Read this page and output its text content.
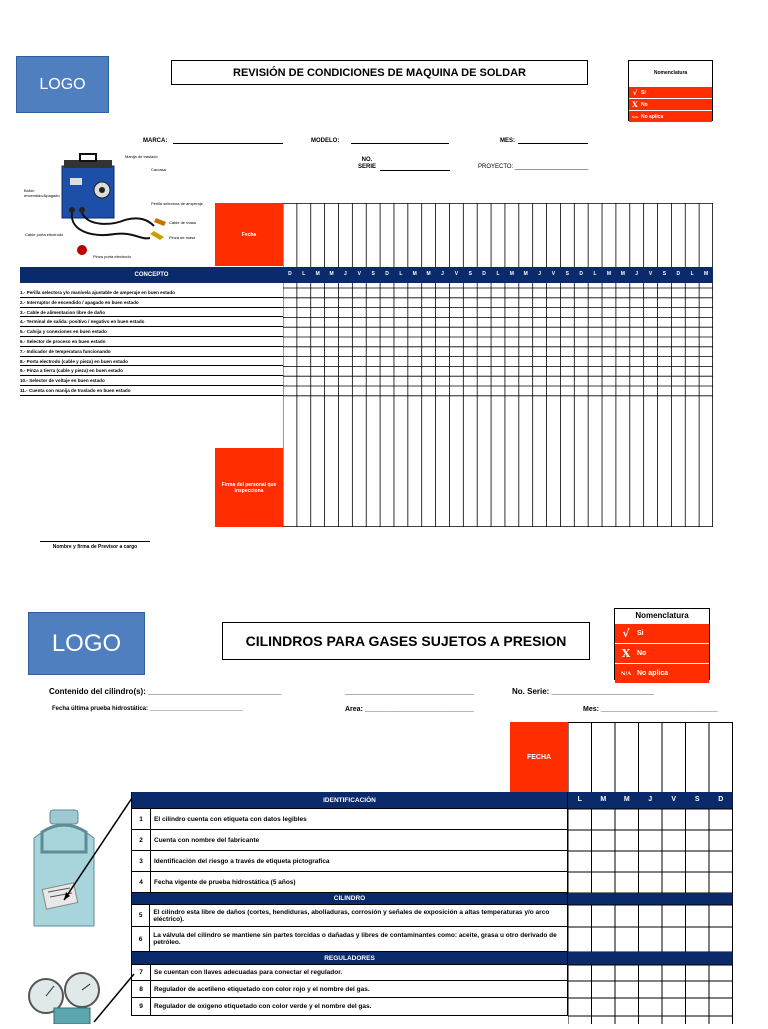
LOGO
REVISIÓN DE CONDICIONES DE MAQUINA DE SOLDAR	Nomenclatura
√ Si
X No
N/A No aplica
MARCA:	MODELO:	MES:
NO. SERIE	PROYECTO: ______________________
Manija de traslado
Carcasa
Botón encendido/Apagado
Perilla selectora de amperaje
Cable de masa
Cable porta electrodo
Pinza de masa
Pinza porta electrodo
Fecha
Firma del personal que inspecciona
D	L	M	M	J	V	S	D	L	M	M	J	V	S	D	L	M	M	J	V	S	D	L	M	M	J	V	S	D	L	M
CONCEPTO
1.- Perilla selectora y/o manivela ajustable de amperaje en buen estado
2.- Interruptor de encendido / apagado en buen estado
3.- Cable de alimentacion libre de daño
4.- Terminal de salida: positivo / negativo en buen estado
5.- Calvija y conexiones en buen estado
6.- Selector de proceso en buen estado
7.- Indicador de temperatura funcionando
8.- Porta electrodo (cable y pieza) en buen estado
9.- Pinza a tierra (cable y pieza) en buen estado
10.- Selector de voltaje en buen estado
11.- Cuenta con manija de traslado en buen estado
Nombre y firma de Previsor a cargo
LOGO	CILINDROS PARA GASES SUJETOS A PRESION
Nomenclatura
√	Si
X No
N/A No aplica
Contenido del cilindro(s): ______________________________	_____________________________	No. Serie: _______________________
Fecha última prueba hidrostática: ____________________________	Area: ____________________________	Mes: ______________________________
FECHA
L	M	M	J	V	S	D
IDENTIFICACIÓN
1	El cilindro cuenta con etiqueta con datos legibles
2	Cuenta con nombre del fabricante
3	Identificación del riesgo a través de etiqueta pictografica
4	Fecha vigente de prueba hidrostática (5 años)
CILINDRO
5	El cilindro esta libre de daños (cortes, hendiduras, abolladuras, corrosión y señales de exposición a altas temperaturas y/o arco eléctrico).
6	La válvula del cilindro se mantiene sin partes torcidas o dañadas y libres de contaminantes como: aceite, grasa u otro derivado de petróleo.
REGULADORES
7	Se cuentan con llaves adecuadas para conectar el regulador.
8	Regulador de acetileno etiquetado con color rojo y el nombre del gas.
9	Regulador de oxigeno etiquetado con color verde y el nombre del gas.
